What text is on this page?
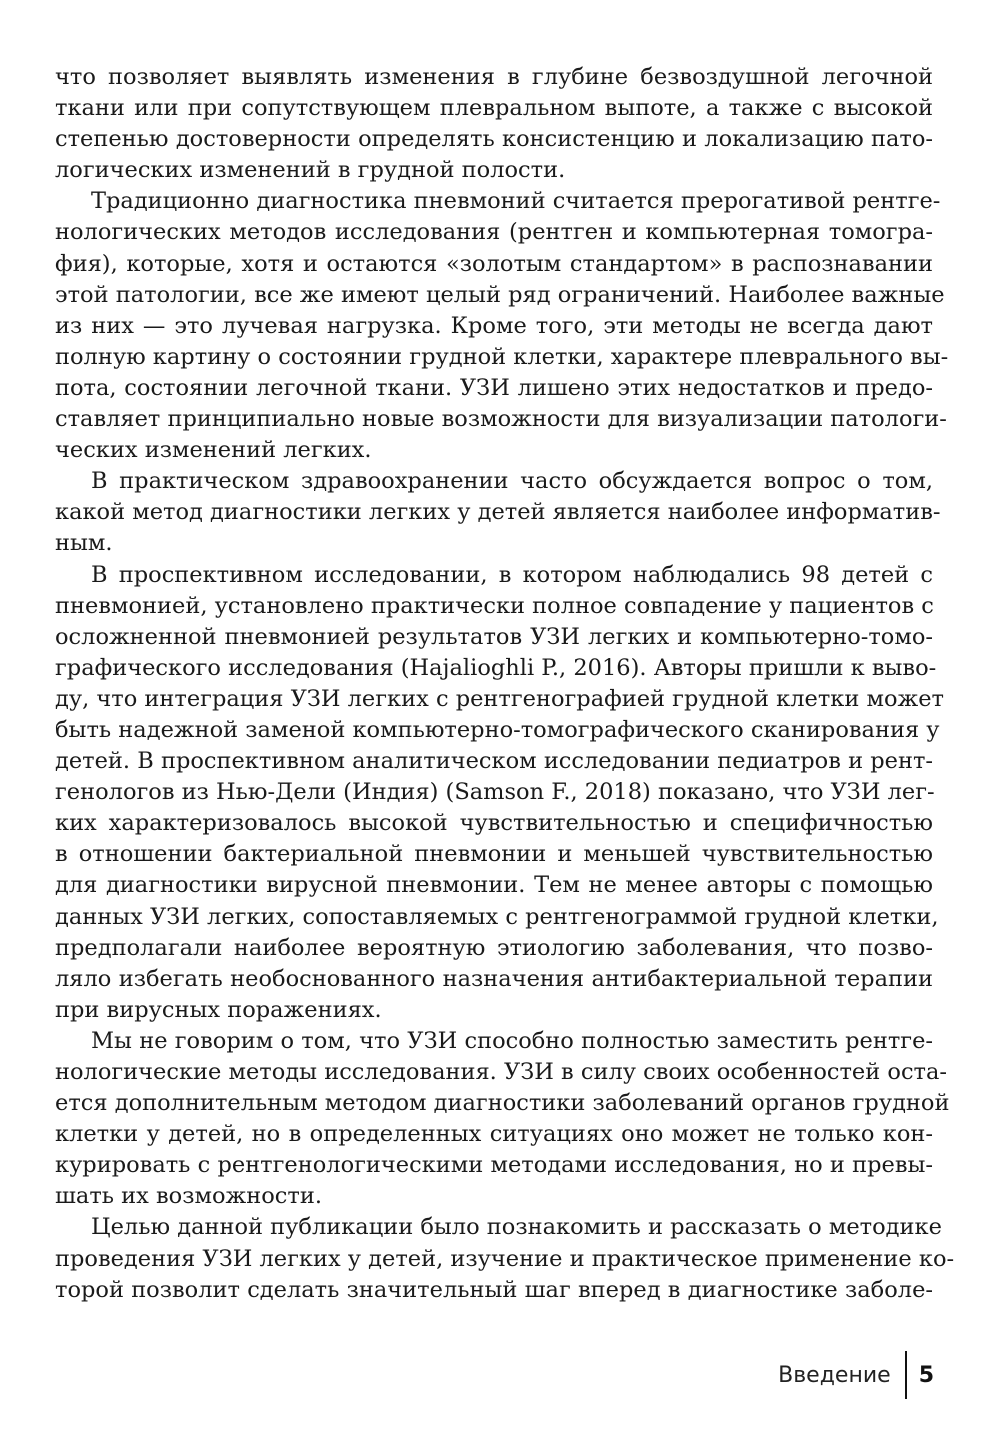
что позволяет выявлять изменения в глубине безвоздушной легочной
ткани или при сопутствующем плевральном выпоте, а также с высокой
степенью достоверности определять консистенцию и локализацию пато-
логических изменений в грудной полости.
Традиционно диагностика пневмоний считается прерогативой рентге-
нологических методов исследования (рентген и компьютерная томогра-
фия), которые, хотя и остаются «золотым стандартом» в распознавании
этой патологии, все же имеют целый ряд ограничений. Наиболее важные
из них — это лучевая нагрузка. Кроме того, эти методы не всегда дают
полную картину о состоянии грудной клетки, характере плеврального вы-
пота, состоянии легочной ткани. УЗИ лишено этих недостатков и предо-
ставляет принципиально новые возможности для визуализации патологи-
ческих изменений легких.
В практическом здравоохранении часто обсуждается вопрос о том,
какой метод диагностики легких у детей является наиболее информатив-
ным.
В проспективном исследовании, в котором наблюдались 98 детей с
пневмонией, установлено практически полное совпадение у пациентов с
осложненной пневмонией результатов УЗИ легких и компьютерно-томо-
графического исследования (Hajalioghli P., 2016). Авторы пришли к выво-
ду, что интеграция УЗИ легких с рентгенографией грудной клетки может
быть надежной заменой компьютерно-томографического сканирования у
детей. В проспективном аналитическом исследовании педиатров и рент-
генологов из Нью-Дели (Индия) (Samson F., 2018) показано, что УЗИ лег-
ких характеризовалось высокой чувствительностью и специфичностью
в отношении бактериальной пневмонии и меньшей чувствительностью
для диагностики вирусной пневмонии. Тем не менее авторы с помощью
данных УЗИ легких, сопоставляемых с рентгенограммой грудной клетки,
предполагали наиболее вероятную этиологию заболевания, что позво-
ляло избегать необоснованного назначения антибактериальной терапии
при вирусных поражениях.
Мы не говорим о том, что УЗИ способно полностью заместить рентге-
нологические методы исследования. УЗИ в силу своих особенностей оста-
ется дополнительным методом диагностики заболеваний органов грудной
клетки у детей, но в определенных ситуациях оно может не только кон-
курировать с рентгенологическими методами исследования, но и превы-
шать их возможности.
Целью данной публикации было познакомить и рассказать о методике
проведения УЗИ легких у детей, изучение и практическое применение ко-
торой позволит сделать значительный шаг вперед в диагностике заболе-
Введение	5
